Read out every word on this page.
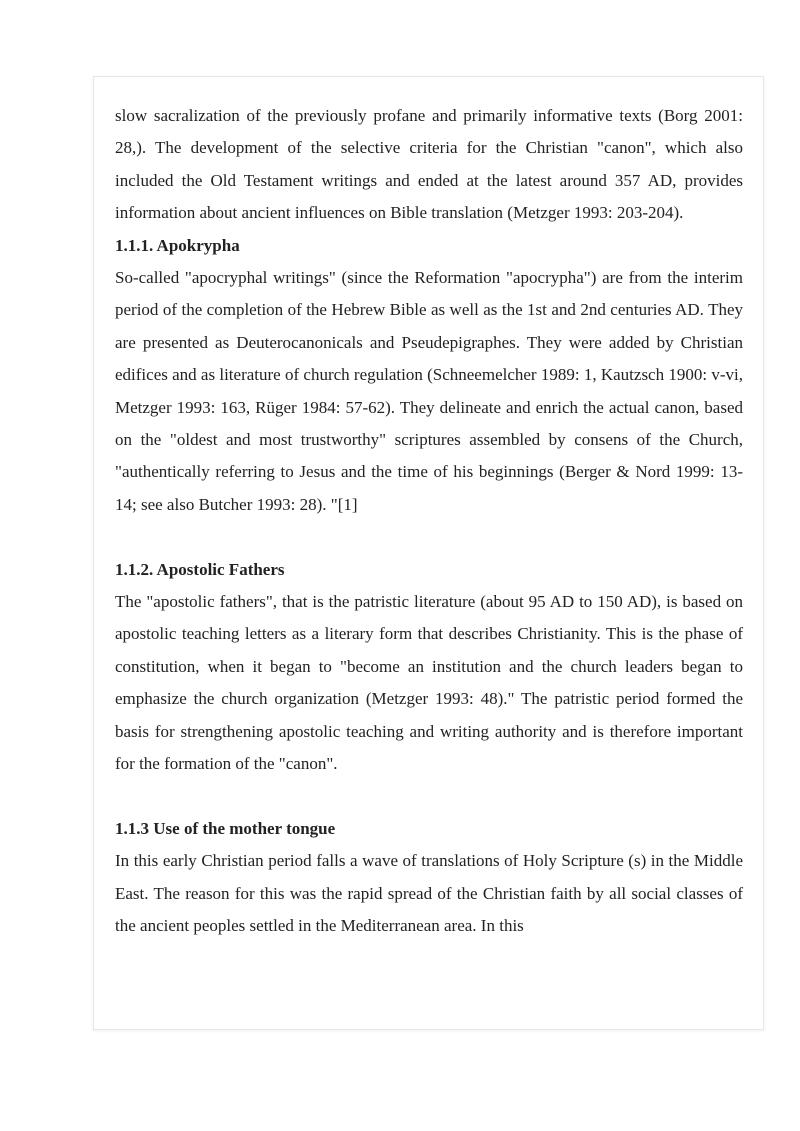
slow sacralization of the previously profane and primarily informative texts (Borg 2001: 28,). The development of the selective criteria for the Christian "canon", which also included the Old Testament writings and ended at the latest around 357 AD, provides information about ancient influences on Bible translation (Metzger 1993: 203-204).

1.1.1. Apokrypha

So-called "apocryphal writings" (since the Reformation "apocrypha") are from the interim period of the completion of the Hebrew Bible as well as the 1st and 2nd centuries AD. They are presented as Deuterocanonicals and Pseudepigraphes. They were added by Christian edifices and as literature of church regulation (Schneemelcher 1989: 1, Kautzsch 1900: v-vi, Metzger 1993: 163, Rüger 1984: 57-62). They delineate and enrich the actual canon, based on the "oldest and most trustworthy" scriptures assembled by consens of the Church, "authentically referring to Jesus and the time of his beginnings (Berger & Nord 1999: 13-14; see also Butcher 1993: 28). "[1]

1.1.2. Apostolic Fathers

The "apostolic fathers", that is the patristic literature (about 95 AD to 150 AD), is based on apostolic teaching letters as a literary form that describes Christianity. This is the phase of constitution, when it began to "become an institution and the church leaders began to emphasize the church organization (Metzger 1993: 48)." The patristic period formed the basis for strengthening apostolic teaching and writing authority and is therefore important for the formation of the "canon".

1.1.3 Use of the mother tongue

In this early Christian period falls a wave of translations of Holy Scripture (s) in the Middle East. The reason for this was the rapid spread of the Christian faith by all social classes of the ancient peoples settled in the Mediterranean area. In this
